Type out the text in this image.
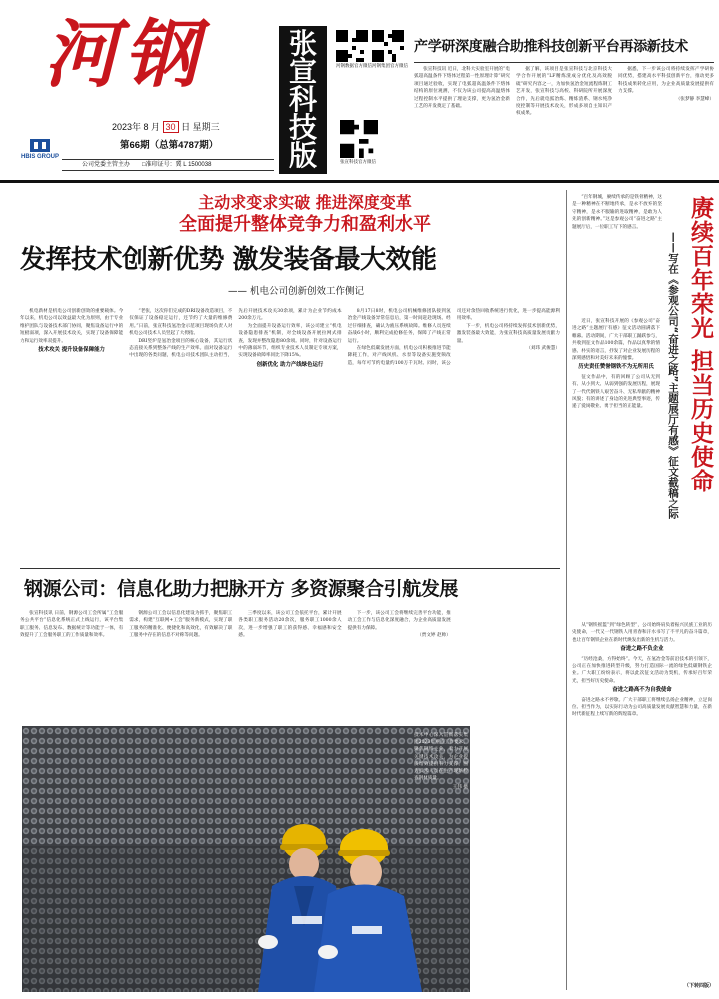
河钢
2023年 8 月 30 日 星期三
第66期（总第4787期）
HBIS GROUP
公司党委主管主办 □准印证号：冀 L 1500038
张
宣
科
技
版
河钢数据官方微信 河钢集团官方微信
张宣科技官方微信
产学研深度融合助推科技创新平台再添新技术

张宣科技讯 近日，北科大实验室开展的“电弧超高温条件下熔体过程第一性原理计算”研究项目通过验收，实现了电弧超高温条件下熔体结构的原位观测，不仅为该公司提高高温熔体过程控制水平提供了理论支撑，更为氢冶金新工艺的开发奠定了基础。

据了解，该项目是张宣科技与北京科技大学合作开展的“LF精炼渣成分优化及高效脱硫”研究内容之一，为加快氢冶金短流程炼钢工艺开发，张宣科技与高校、科研院所开展深度合作，先后就电弧冶炼、精炼渣系、钢水纯净度控制等开展技术攻关，形成多项自主知识产权成果。

据悉，下一步该公司将持续发挥产学研协同优势，搭建高水平科技创新平台，推动更多科技成果转化应用，为企业高质量发展提供有力支撑。

（张梦静 李慧峰）

主动求变求实破 推进深度变革
全面提升整体竞争力和盈利水平
发挥技术创新优势 激发装备最大效能
—— 机电公司创新创效工作侧记

机电新材是机电公司创新创效的重要载体。今年以来，机电公司以效益最大化为原则，由于专业维护团队与设备技术部门协同，聚焦设备运行中的短板弱项，深入开展技术攻关，实现了设备保障能力和运行效率双提升。

技术攻关 提升设备保障能力

“老张，这次你们完成的DRI设备改造项目，不仅保证了设备稳定运行，还节约了大量的维修费用。”日前，张宣科技氢冶金示范项目现场负责人对机电公司技术人员竖起了大拇指。

DRI竖炉是氢冶金项目的核心设备，其运行状态直接关系到整条产线的生产效率。面对设备运行中出现的各类问题，机电公司技术团队主动担当，先后开展技术攻关30余项，累计为企业节约成本200余万元。

为全面提升设备运行效率，该公司建立“机电设备隐患排查”机制，对全线设备开展拉网式排查，发现并整改隐患80余项。同时，针对设备运行中的薄弱环节，组织专业技术人员制定专项方案，实现设备故障率同比下降15%。

创新优化 助力产线绿色运行

8月17日8时，机电公司机械维修团队接到氢冶金产线设备异常信息后，第一时间赶赴现场。经过仔细排查，确认为液压系统故障。维修人员连续奋战6小时，顺利完成抢修任务，保障了产线正常运行。

在绿色低碳发展方面，机电公司积极推进节能降耗工作，对产线风机、水泵等设备实施变频改造，每年可节约电量约100万千瓦时。同时，该公司还对余热回收系统进行优化，进一步提高能源利用效率。

下一步，机电公司将持续发挥技术创新优势，激发装备最大效能，为张宣科技高质量发展贡献力量。

（刘玮 武俊慧）

钢源公司：信息化助力把脉开方 多资源聚合引航发展

张宣科技讯 日前，钢源公司工会所属“工会服务公共平台”信息化系统正式上线运行，该平台集职工服务、信息发布、数据统计等功能于一体，有效提升了工会服务职工的工作质量和效率。

钢源公司工会以信息化建设为抓手，聚焦职工需求，构建“互联网+工会”服务新模式，实现了职工服务的精准化、便捷化和高效化，有效解决了职工服务中存在的信息不对称等问题。

三季度以来，该公司工会依托平台，累计开展各类职工服务活动20余次，服务职工1000余人次，进一步增强了职工的获得感、幸福感和安全感。

下一步，该公司工会将继续完善平台功能，推动工会工作与信息化深度融合，为企业高质量发展提供有力保障。

（贾文婷 赵帅）

技术中心深入贯彻落实集团2023年重点工作要求，聚焦钢铁主业，着力开展关键技术攻关，为企业提质增效提供有力支撑。图为技术人员在生产现场检查钢材质量。
王伟 摄

“百年钢城，赓续传承的是铁骨精神，这是一种精神在不断地传承，是永不放弃的坚守精神，是永不服输的进取精神，是敢为人先的创新精神。”这是参观公司“奋进之路”主题展厅后，一位职工写下的感言。	赓续百年荣光 担当历史使命
——写在《参观公司“奋进之路”主题展厅有感》征文截稿之际

近日，张宣科技开展的《参观公司“奋进之路”主题展厅有感》征文活动圆满落下帷幕。活动期间，广大干部职工踊跃参与，共收到征文作品100余篇，作品以真挚的情感、朴实的语言，抒发了对企业发展历程的深刻感悟和对美好未来的憧憬。

历史责任赞誉钢铁不为无所用氏

征文作品中，有的回顾了公司从无到有、从小到大、从弱到强的发展历程，展现了一代代钢铁人艰苦奋斗、无私奉献的精神风貌；有的讲述了身边的先进典型事迹，传递了爱岗敬业、勇于担当的正能量。

从“钢铁摇篮”到“绿色转型”，公司始终肩负着振兴民族工业的历史使命，一代又一代钢铁人用青春和汗水书写了不平凡的奋斗篇章，也让百年钢铁企业在新时代焕发出新的生机与活力。

奋进之路不负企业

“历经沧桑，方得始终”。今天，在氢冶金等前沿技术的引领下，公司正在加快推进转型升级，努力打造国际一流的绿色低碳钢铁企业。广大职工纷纷表示，将以此次征文活动为契机，传承好百年荣光，担当好历史使命。

奋进之路高不为自我使命

奋进之路永不停歇。广大干部职工将继续弘扬企业精神，立足岗位、担当作为，以实际行动为公司高质量发展贡献智慧和力量，在新时代新征程上续写新的辉煌篇章。

（下转四版）
